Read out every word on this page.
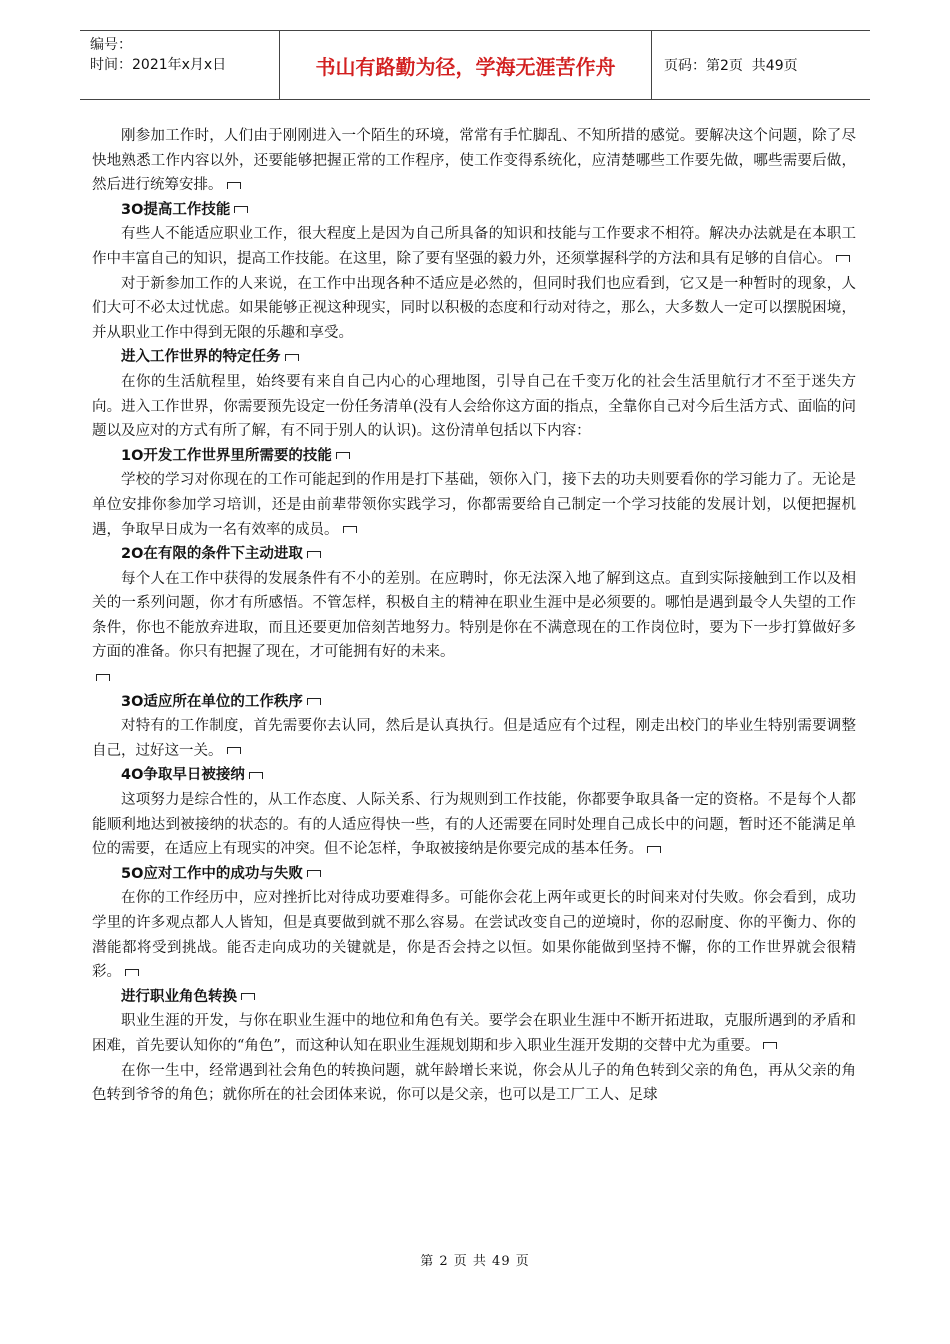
编号：
时间：2021年x月x日	书山有路勤为径，学海无涯苦作舟	页码：第2页  共49页

刚参加工作时，人们由于刚刚进入一个陌生的环境，常常有手忙脚乱、不知所措的感觉。要解决这个问题，除了尽快地熟悉工作内容以外，还要能够把握正常的工作程序，使工作变得系统化，应清楚哪些工作要先做，哪些需要后做，然后进行统筹安排。

3O提高工作技能

有些人不能适应职业工作，很大程度上是因为自己所具备的知识和技能与工作要求不相符。解决办法就是在本职工作中丰富自己的知识，提高工作技能。在这里，除了要有坚强的毅力外，还须掌握科学的方法和具有足够的自信心。

对于新参加工作的人来说，在工作中出现各种不适应是必然的，但同时我们也应看到，它又是一种暂时的现象，人们大可不必太过忧虑。如果能够正视这种现实，同时以积极的态度和行动对待之，那么，大多数人一定可以摆脱困境，并从职业工作中得到无限的乐趣和享受。

进入工作世界的特定任务

在你的生活航程里，始终要有来自自己内心的心理地图，引导自己在千变万化的社会生活里航行才不至于迷失方向。进入工作世界，你需要预先设定一份任务清单(没有人会给你这方面的指点，全靠你自己对今后生活方式、面临的问题以及应对的方式有所了解，有不同于别人的认识)。这份清单包括以下内容：

1O开发工作世界里所需要的技能

学校的学习对你现在的工作可能起到的作用是打下基础，领你入门，接下去的功夫则要看你的学习能力了。无论是单位安排你参加学习培训，还是由前辈带领你实践学习，你都需要给自己制定一个学习技能的发展计划，以便把握机遇，争取早日成为一名有效率的成员。

2O在有限的条件下主动进取

每个人在工作中获得的发展条件有不小的差别。在应聘时，你无法深入地了解到这点。直到实际接触到工作以及相关的一系列问题，你才有所感悟。不管怎样，积极自主的精神在职业生涯中是必须要的。哪怕是遇到最令人失望的工作条件，你也不能放弃进取，而且还要更加倍刻苦地努力。特别是你在不满意现在的工作岗位时，要为下一步打算做好多方面的准备。你只有把握了现在，才可能拥有好的未来。

3O适应所在单位的工作秩序

对特有的工作制度，首先需要你去认同，然后是认真执行。但是适应有个过程，刚走出校门的毕业生特别需要调整自己，过好这一关。

4O争取早日被接纳

这项努力是综合性的，从工作态度、人际关系、行为规则到工作技能，你都要争取具备一定的资格。不是每个人都能顺利地达到被接纳的状态的。有的人适应得快一些，有的人还需要在同时处理自己成长中的问题，暂时还不能满足单位的需要，在适应上有现实的冲突。但不论怎样，争取被接纳是你要完成的基本任务。

5O应对工作中的成功与失败

在你的工作经历中，应对挫折比对待成功要难得多。可能你会花上两年或更长的时间来对付失败。你会看到，成功学里的许多观点都人人皆知，但是真要做到就不那么容易。在尝试改变自己的逆境时，你的忍耐度、你的平衡力、你的潜能都将受到挑战。能否走向成功的关键就是，你是否会持之以恒。如果你能做到坚持不懈，你的工作世界就会很精彩。

进行职业角色转换

职业生涯的开发，与你在职业生涯中的地位和角色有关。要学会在职业生涯中不断开拓进取，克服所遇到的矛盾和困难，首先要认知你的“角色”，而这种认知在职业生涯规划期和步入职业生涯开发期的交替中尤为重要。

在你一生中，经常遇到社会角色的转换问题，就年龄增长来说，你会从儿子的角色转到父亲的角色，再从父亲的角色转到爷爷的角色；就你所在的社会团体来说，你可以是父亲，也可以是工厂工人、足球

第 2 页 共 49 页
